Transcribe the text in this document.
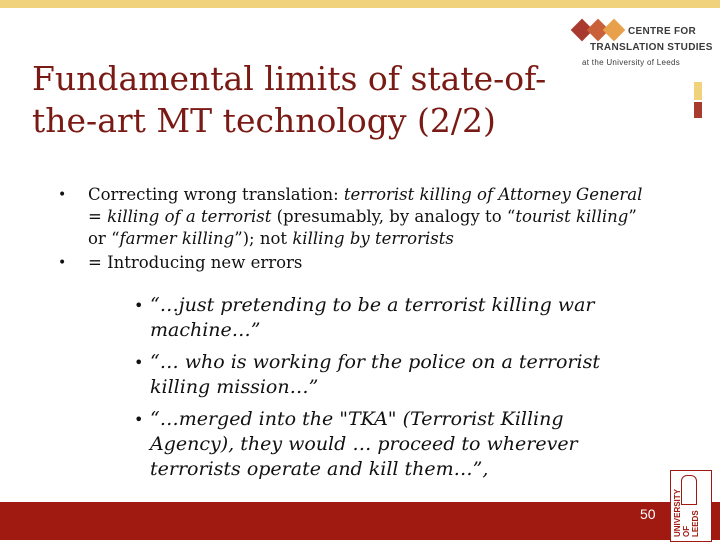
CENTRE FOR
TRANSLATION STUDIES
at the University of Leeds
Fundamental limits of state-of-
the-art MT technology (2/2)
• Correcting wrong translation: terrorist killing of Attorney General = killing of a terrorist (presumably, by analogy to “tourist killing” or “farmer killing”); not killing by terrorists
• = Introducing new errors
• “…just pretending to be a terrorist killing war machine…”
• “… who is working for the police on a terrorist killing mission…”
• “…merged into the "TKA" (Terrorist Killing Agency), they would … proceed to wherever terrorists operate and kill them…”,
50 UNIVERSITY OF LEEDS
